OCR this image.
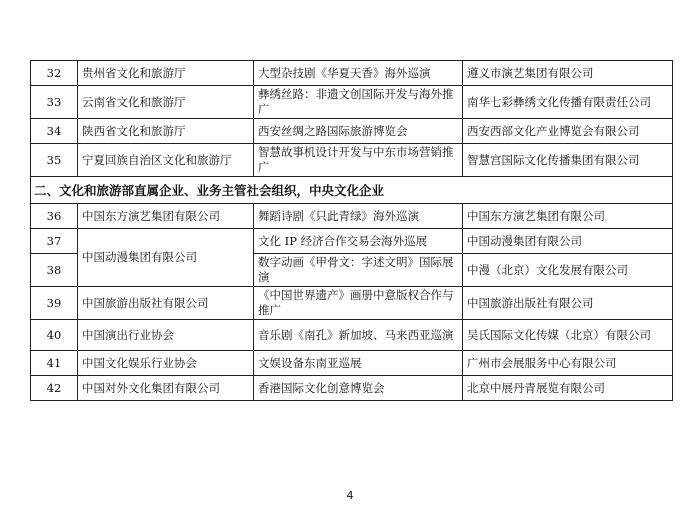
32	贵州省文化和旅游厅	大型杂技剧《华夏天香》海外巡演	遵义市演艺集团有限公司
33	云南省文化和旅游厅	彝绣丝路：非遗文创国际开发与海外推广	南华七彩彝绣文化传播有限责任公司
34	陕西省文化和旅游厅	西安丝绸之路国际旅游博览会	西安西部文化产业博览会有限公司
35	宁夏回族自治区文化和旅游厅	智慧故事机设计开发与中东市场营销推广	智慧宫国际文化传播集团有限公司
二、文化和旅游部直属企业、业务主管社会组织，中央文化企业			
36	中国东方演艺集团有限公司	舞蹈诗剧《只此青绿》海外巡演	中国东方演艺集团有限公司
37	中国动漫集团有限公司	文化 IP 经济合作交易会海外巡展	中国动漫集团有限公司
38		数字动画《甲骨文：字述文明》国际展演	中漫（北京）文化发展有限公司
39	中国旅游出版社有限公司	《中国世界遗产》画册中意版权合作与推广	中国旅游出版社有限公司
40	中国演出行业协会	音乐剧《南孔》新加坡、马来西亚巡演	吴氏国际文化传媒（北京）有限公司
41	中国文化娱乐行业协会	文娱设备东南亚巡展	广州市会展服务中心有限公司
42	中国对外文化集团有限公司	香港国际文化创意博览会	北京中展丹青展览有限公司
4
